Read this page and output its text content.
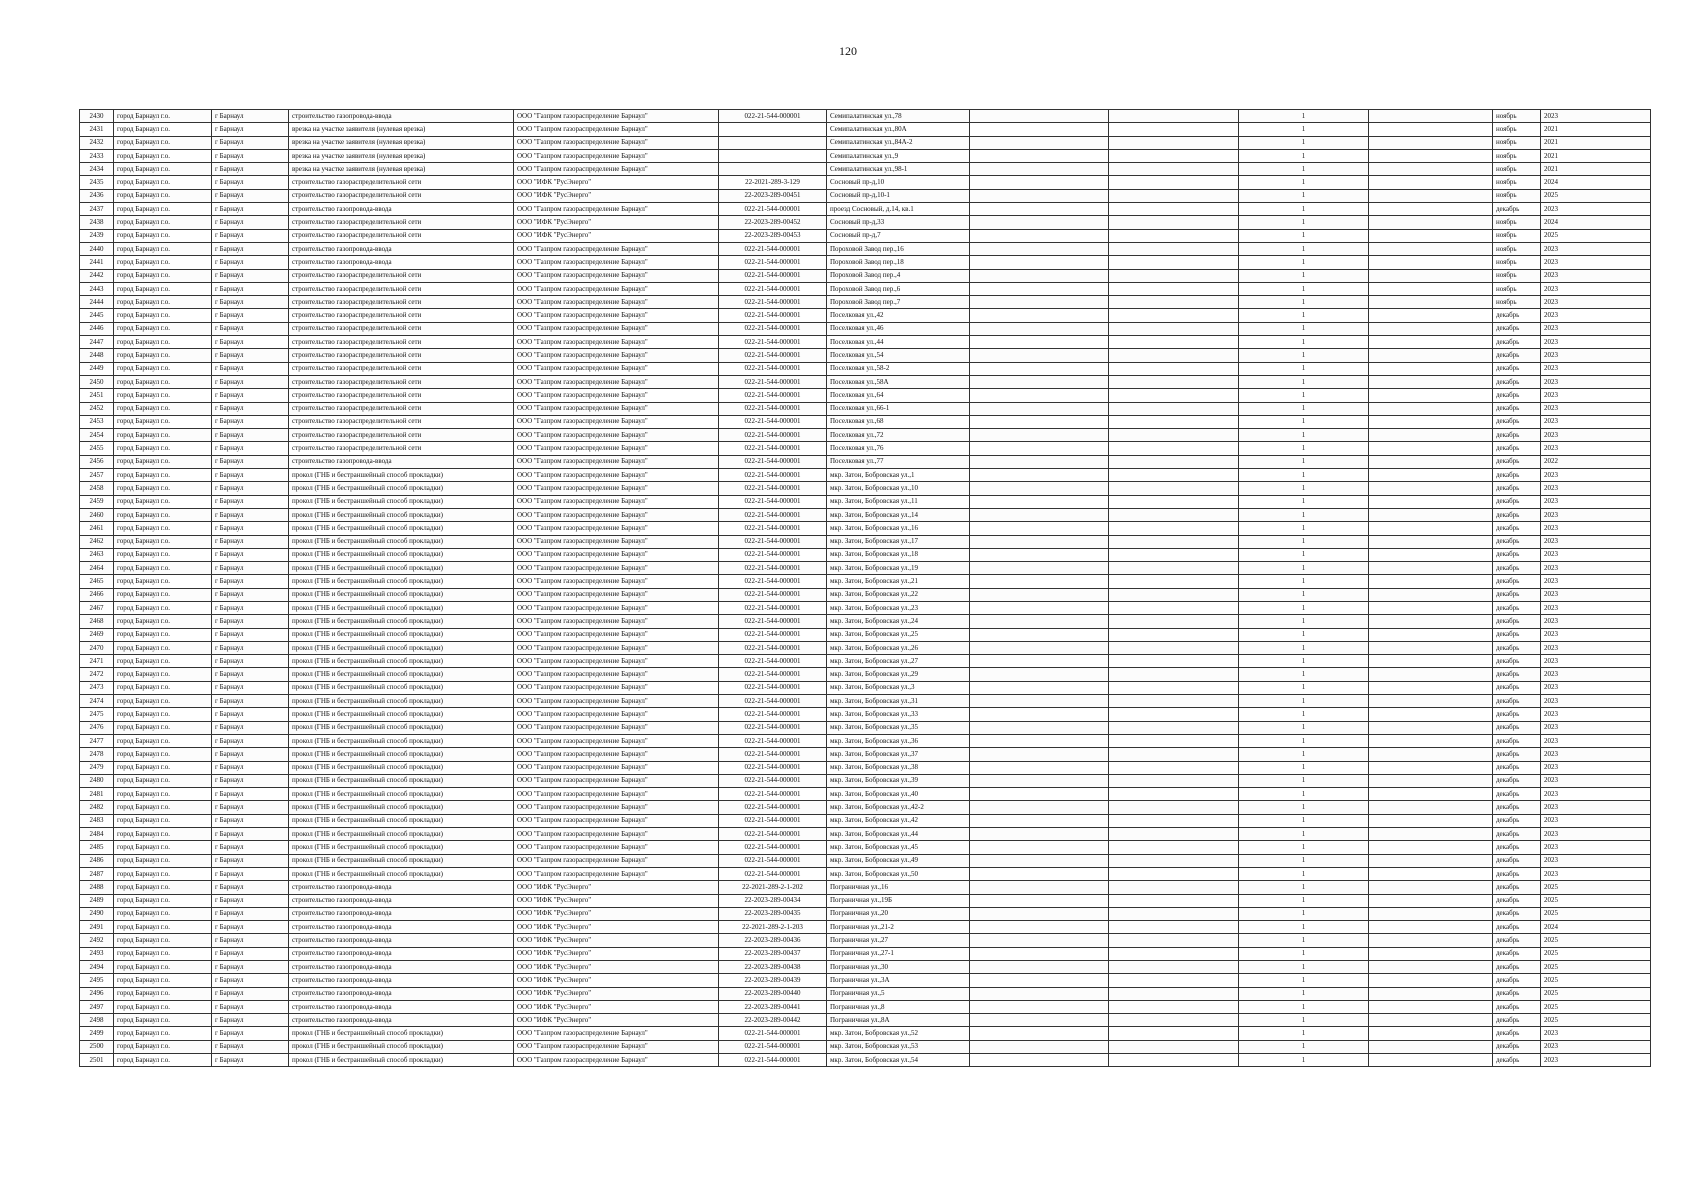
120
2430	город Барнаул г.о.	г Барнаул	строительство газопровода-ввода	ООО "Газпром газораспределение Барнаул"	022-21-544-000001	Семипалатинская ул.,78			1		ноябрь	2023
2431	город Барнаул г.о.	г Барнаул	врезка на участке заявителя (нулевая врезка)	ООО "Газпром газораспределение Барнаул"		Семипалатинская ул.,80А			1		ноябрь	2021
2432	город Барнаул г.о.	г Барнаул	врезка на участке заявителя (нулевая врезка)	ООО "Газпром газораспределение Барнаул"		Семипалатинская ул.,84А-2			1		ноябрь	2021
2433	город Барнаул г.о.	г Барнаул	врезка на участке заявителя (нулевая врезка)	ООО "Газпром газораспределение Барнаул"		Семипалатинская ул.,9			1		ноябрь	2021
2434	город Барнаул г.о.	г Барнаул	врезка на участке заявителя (нулевая врезка)	ООО "Газпром газораспределение Барнаул"		Семипалатинская ул.,98-1			1		ноябрь	2021
2435	город Барнаул г.о.	г Барнаул	строительство газораспределительной сети	ООО "ИФК "РусЭнерго"	22-2021-289-3-129	Сосновый пр-д,10			1		ноябрь	2024
2436	город Барнаул г.о.	г Барнаул	строительство газораспределительной сети	ООО "ИФК "РусЭнерго"	22-2023-289-00451	Сосновый пр-д,10-1			1		ноябрь	2025
2437	город Барнаул г.о.	г Барнаул	строительство газопровода-ввода	ООО "Газпром газораспределение Барнаул"	022-21-544-000001	проезд Сосновый, д.14, кв.1			1		декабрь	2023
2438	город Барнаул г.о.	г Барнаул	строительство газораспределительной сети	ООО "ИФК "РусЭнерго"	22-2023-289-00452	Сосновый пр-д,33			1		ноябрь	2024
2439	город Барнаул г.о.	г Барнаул	строительство газораспределительной сети	ООО "ИФК "РусЭнерго"	22-2023-289-00453	Сосновый пр-д,7			1		ноябрь	2025
2440	город Барнаул г.о.	г Барнаул	строительство газопровода-ввода	ООО "Газпром газораспределение Барнаул"	022-21-544-000001	Пороховой Завод пер.,16			1		ноябрь	2023
2441	город Барнаул г.о.	г Барнаул	строительство газопровода-ввода	ООО "Газпром газораспределение Барнаул"	022-21-544-000001	Пороховой Завод пер.,18			1		ноябрь	2023
2442	город Барнаул г.о.	г Барнаул	строительство газораспределительной сети	ООО "Газпром газораспределение Барнаул"	022-21-544-000001	Пороховой Завод пер.,4			1		ноябрь	2023
2443	город Барнаул г.о.	г Барнаул	строительство газораспределительной сети	ООО "Газпром газораспределение Барнаул"	022-21-544-000001	Пороховой Завод пер.,6			1		ноябрь	2023
2444	город Барнаул г.о.	г Барнаул	строительство газораспределительной сети	ООО "Газпром газораспределение Барнаул"	022-21-544-000001	Пороховой Завод пер.,7			1		ноябрь	2023
2445	город Барнаул г.о.	г Барнаул	строительство газораспределительной сети	ООО "Газпром газораспределение Барнаул"	022-21-544-000001	Поселковая ул.,42			1		декабрь	2023
2446	город Барнаул г.о.	г Барнаул	строительство газораспределительной сети	ООО "Газпром газораспределение Барнаул"	022-21-544-000001	Поселковая ул.,46			1		декабрь	2023
2447	город Барнаул г.о.	г Барнаул	строительство газораспределительной сети	ООО "Газпром газораспределение Барнаул"	022-21-544-000001	Поселковая ул.,44			1		декабрь	2023
2448	город Барнаул г.о.	г Барнаул	строительство газораспределительной сети	ООО "Газпром газораспределение Барнаул"	022-21-544-000001	Поселковая ул.,54			1		декабрь	2023
2449	город Барнаул г.о.	г Барнаул	строительство газораспределительной сети	ООО "Газпром газораспределение Барнаул"	022-21-544-000001	Поселковая ул.,58-2			1		декабрь	2023
2450	город Барнаул г.о.	г Барнаул	строительство газораспределительной сети	ООО "Газпром газораспределение Барнаул"	022-21-544-000001	Поселковая ул.,58А			1		декабрь	2023
2451	город Барнаул г.о.	г Барнаул	строительство газораспределительной сети	ООО "Газпром газораспределение Барнаул"	022-21-544-000001	Поселковая ул.,64			1		декабрь	2023
2452	город Барнаул г.о.	г Барнаул	строительство газораспределительной сети	ООО "Газпром газораспределение Барнаул"	022-21-544-000001	Поселковая ул.,66-1			1		декабрь	2023
2453	город Барнаул г.о.	г Барнаул	строительство газораспределительной сети	ООО "Газпром газораспределение Барнаул"	022-21-544-000001	Поселковая ул.,68			1		декабрь	2023
2454	город Барнаул г.о.	г Барнаул	строительство газораспределительной сети	ООО "Газпром газораспределение Барнаул"	022-21-544-000001	Поселковая ул.,72			1		декабрь	2023
2455	город Барнаул г.о.	г Барнаул	строительство газораспределительной сети	ООО "Газпром газораспределение Барнаул"	022-21-544-000001	Поселковая ул.,76			1		декабрь	2023
2456	город Барнаул г.о.	г Барнаул	строительство газопровода-ввода	ООО "Газпром газораспределение Барнаул"	022-21-544-000001	Поселковая ул.,77			1		декабрь	2022
2457	город Барнаул г.о.	г Барнаул	прокол (ГНБ и бестраншейный способ прокладки)	ООО "Газпром газораспределение Барнаул"	022-21-544-000001	мкр. Затон, Бобровская ул.,1			1		декабрь	2023
2458	город Барнаул г.о.	г Барнаул	прокол (ГНБ и бестраншейный способ прокладки)	ООО "Газпром газораспределение Барнаул"	022-21-544-000001	мкр. Затон, Бобровская ул.,10			1		декабрь	2023
2459	город Барнаул г.о.	г Барнаул	прокол (ГНБ и бестраншейный способ прокладки)	ООО "Газпром газораспределение Барнаул"	022-21-544-000001	мкр. Затон, Бобровская ул.,11			1		декабрь	2023
2460	город Барнаул г.о.	г Барнаул	прокол (ГНБ и бестраншейный способ прокладки)	ООО "Газпром газораспределение Барнаул"	022-21-544-000001	мкр. Затон, Бобровская ул.,14			1		декабрь	2023
2461	город Барнаул г.о.	г Барнаул	прокол (ГНБ и бестраншейный способ прокладки)	ООО "Газпром газораспределение Барнаул"	022-21-544-000001	мкр. Затон, Бобровская ул.,16			1		декабрь	2023
2462	город Барнаул г.о.	г Барнаул	прокол (ГНБ и бестраншейный способ прокладки)	ООО "Газпром газораспределение Барнаул"	022-21-544-000001	мкр. Затон, Бобровская ул.,17			1		декабрь	2023
2463	город Барнаул г.о.	г Барнаул	прокол (ГНБ и бестраншейный способ прокладки)	ООО "Газпром газораспределение Барнаул"	022-21-544-000001	мкр. Затон, Бобровская ул.,18			1		декабрь	2023
2464	город Барнаул г.о.	г Барнаул	прокол (ГНБ и бестраншейный способ прокладки)	ООО "Газпром газораспределение Барнаул"	022-21-544-000001	мкр. Затон, Бобровская ул.,19			1		декабрь	2023
2465	город Барнаул г.о.	г Барнаул	прокол (ГНБ и бестраншейный способ прокладки)	ООО "Газпром газораспределение Барнаул"	022-21-544-000001	мкр. Затон, Бобровская ул.,21			1		декабрь	2023
2466	город Барнаул г.о.	г Барнаул	прокол (ГНБ и бестраншейный способ прокладки)	ООО "Газпром газораспределение Барнаул"	022-21-544-000001	мкр. Затон, Бобровская ул.,22			1		декабрь	2023
2467	город Барнаул г.о.	г Барнаул	прокол (ГНБ и бестраншейный способ прокладки)	ООО "Газпром газораспределение Барнаул"	022-21-544-000001	мкр. Затон, Бобровская ул.,23			1		декабрь	2023
2468	город Барнаул г.о.	г Барнаул	прокол (ГНБ и бестраншейный способ прокладки)	ООО "Газпром газораспределение Барнаул"	022-21-544-000001	мкр. Затон, Бобровская ул.,24			1		декабрь	2023
2469	город Барнаул г.о.	г Барнаул	прокол (ГНБ и бестраншейный способ прокладки)	ООО "Газпром газораспределение Барнаул"	022-21-544-000001	мкр. Затон, Бобровская ул.,25			1		декабрь	2023
2470	город Барнаул г.о.	г Барнаул	прокол (ГНБ и бестраншейный способ прокладки)	ООО "Газпром газораспределение Барнаул"	022-21-544-000001	мкр. Затон, Бобровская ул.,26			1		декабрь	2023
2471	город Барнаул г.о.	г Барнаул	прокол (ГНБ и бестраншейный способ прокладки)	ООО "Газпром газораспределение Барнаул"	022-21-544-000001	мкр. Затон, Бобровская ул.,27			1		декабрь	2023
2472	город Барнаул г.о.	г Барнаул	прокол (ГНБ и бестраншейный способ прокладки)	ООО "Газпром газораспределение Барнаул"	022-21-544-000001	мкр. Затон, Бобровская ул.,29			1		декабрь	2023
2473	город Барнаул г.о.	г Барнаул	прокол (ГНБ и бестраншейный способ прокладки)	ООО "Газпром газораспределение Барнаул"	022-21-544-000001	мкр. Затон, Бобровская ул.,3			1		декабрь	2023
2474	город Барнаул г.о.	г Барнаул	прокол (ГНБ и бестраншейный способ прокладки)	ООО "Газпром газораспределение Барнаул"	022-21-544-000001	мкр. Затон, Бобровская ул.,31			1		декабрь	2023
2475	город Барнаул г.о.	г Барнаул	прокол (ГНБ и бестраншейный способ прокладки)	ООО "Газпром газораспределение Барнаул"	022-21-544-000001	мкр. Затон, Бобровская ул.,33			1		декабрь	2023
2476	город Барнаул г.о.	г Барнаул	прокол (ГНБ и бестраншейный способ прокладки)	ООО "Газпром газораспределение Барнаул"	022-21-544-000001	мкр. Затон, Бобровская ул.,35			1		декабрь	2023
2477	город Барнаул г.о.	г Барнаул	прокол (ГНБ и бестраншейный способ прокладки)	ООО "Газпром газораспределение Барнаул"	022-21-544-000001	мкр. Затон, Бобровская ул.,36			1		декабрь	2023
2478	город Барнаул г.о.	г Барнаул	прокол (ГНБ и бестраншейный способ прокладки)	ООО "Газпром газораспределение Барнаул"	022-21-544-000001	мкр. Затон, Бобровская ул.,37			1		декабрь	2023
2479	город Барнаул г.о.	г Барнаул	прокол (ГНБ и бестраншейный способ прокладки)	ООО "Газпром газораспределение Барнаул"	022-21-544-000001	мкр. Затон, Бобровская ул.,38			1		декабрь	2023
2480	город Барнаул г.о.	г Барнаул	прокол (ГНБ и бестраншейный способ прокладки)	ООО "Газпром газораспределение Барнаул"	022-21-544-000001	мкр. Затон, Бобровская ул.,39			1		декабрь	2023
2481	город Барнаул г.о.	г Барнаул	прокол (ГНБ и бестраншейный способ прокладки)	ООО "Газпром газораспределение Барнаул"	022-21-544-000001	мкр. Затон, Бобровская ул.,40			1		декабрь	2023
2482	город Барнаул г.о.	г Барнаул	прокол (ГНБ и бестраншейный способ прокладки)	ООО "Газпром газораспределение Барнаул"	022-21-544-000001	мкр. Затон, Бобровская ул.,42-2			1		декабрь	2023
2483	город Барнаул г.о.	г Барнаул	прокол (ГНБ и бестраншейный способ прокладки)	ООО "Газпром газораспределение Барнаул"	022-21-544-000001	мкр. Затон, Бобровская ул.,42			1		декабрь	2023
2484	город Барнаул г.о.	г Барнаул	прокол (ГНБ и бестраншейный способ прокладки)	ООО "Газпром газораспределение Барнаул"	022-21-544-000001	мкр. Затон, Бобровская ул.,44			1		декабрь	2023
2485	город Барнаул г.о.	г Барнаул	прокол (ГНБ и бестраншейный способ прокладки)	ООО "Газпром газораспределение Барнаул"	022-21-544-000001	мкр. Затон, Бобровская ул.,45			1		декабрь	2023
2486	город Барнаул г.о.	г Барнаул	прокол (ГНБ и бестраншейный способ прокладки)	ООО "Газпром газораспределение Барнаул"	022-21-544-000001	мкр. Затон, Бобровская ул.,49			1		декабрь	2023
2487	город Барнаул г.о.	г Барнаул	прокол (ГНБ и бестраншейный способ прокладки)	ООО "Газпром газораспределение Барнаул"	022-21-544-000001	мкр. Затон, Бобровская ул.,50			1		декабрь	2023
2488	город Барнаул г.о.	г Барнаул	строительство газопровода-ввода	ООО "ИФК "РусЭнерго"	22-2021-289-2-1-202	Пограничная ул.,16			1		декабрь	2025
2489	город Барнаул г.о.	г Барнаул	строительство газопровода-ввода	ООО "ИФК "РусЭнерго"	22-2023-289-00434	Пограничная ул.,19Б			1		декабрь	2025
2490	город Барнаул г.о.	г Барнаул	строительство газопровода-ввода	ООО "ИФК "РусЭнерго"	22-2023-289-00435	Пограничная ул.,20			1		декабрь	2025
2491	город Барнаул г.о.	г Барнаул	строительство газопровода-ввода	ООО "ИФК "РусЭнерго"	22-2021-289-2-1-203	Пограничная ул.,21-2			1		декабрь	2024
2492	город Барнаул г.о.	г Барнаул	строительство газопровода-ввода	ООО "ИФК "РусЭнерго"	22-2023-289-00436	Пограничная ул.,27			1		декабрь	2025
2493	город Барнаул г.о.	г Барнаул	строительство газопровода-ввода	ООО "ИФК "РусЭнерго"	22-2023-289-00437	Пограничная ул.,27-1			1		декабрь	2025
2494	город Барнаул г.о.	г Барнаул	строительство газопровода-ввода	ООО "ИФК "РусЭнерго"	22-2023-289-00438	Пограничная ул.,30			1		декабрь	2025
2495	город Барнаул г.о.	г Барнаул	строительство газопровода-ввода	ООО "ИФК "РусЭнерго"	22-2023-289-00439	Пограничная ул.,3А			1		декабрь	2025
2496	город Барнаул г.о.	г Барнаул	строительство газопровода-ввода	ООО "ИФК "РусЭнерго"	22-2023-289-00440	Пограничная ул.,5			1		декабрь	2025
2497	город Барнаул г.о.	г Барнаул	строительство газопровода-ввода	ООО "ИФК "РусЭнерго"	22-2023-289-00441	Пограничная ул.,8			1		декабрь	2025
2498	город Барнаул г.о.	г Барнаул	строительство газопровода-ввода	ООО "ИФК "РусЭнерго"	22-2023-289-00442	Пограничная ул.,8А			1		декабрь	2025
2499	город Барнаул г.о.	г Барнаул	прокол (ГНБ и бестраншейный способ прокладки)	ООО "Газпром газораспределение Барнаул"	022-21-544-000001	мкр. Затон, Бобровская ул.,52			1		декабрь	2023
2500	город Барнаул г.о.	г Барнаул	прокол (ГНБ и бестраншейный способ прокладки)	ООО "Газпром газораспределение Барнаул"	022-21-544-000001	мкр. Затон, Бобровская ул.,53			1		декабрь	2023
2501	город Барнаул г.о.	г Барнаул	прокол (ГНБ и бестраншейный способ прокладки)	ООО "Газпром газораспределение Барнаул"	022-21-544-000001	мкр. Затон, Бобровская ул.,54			1		декабрь	2023
